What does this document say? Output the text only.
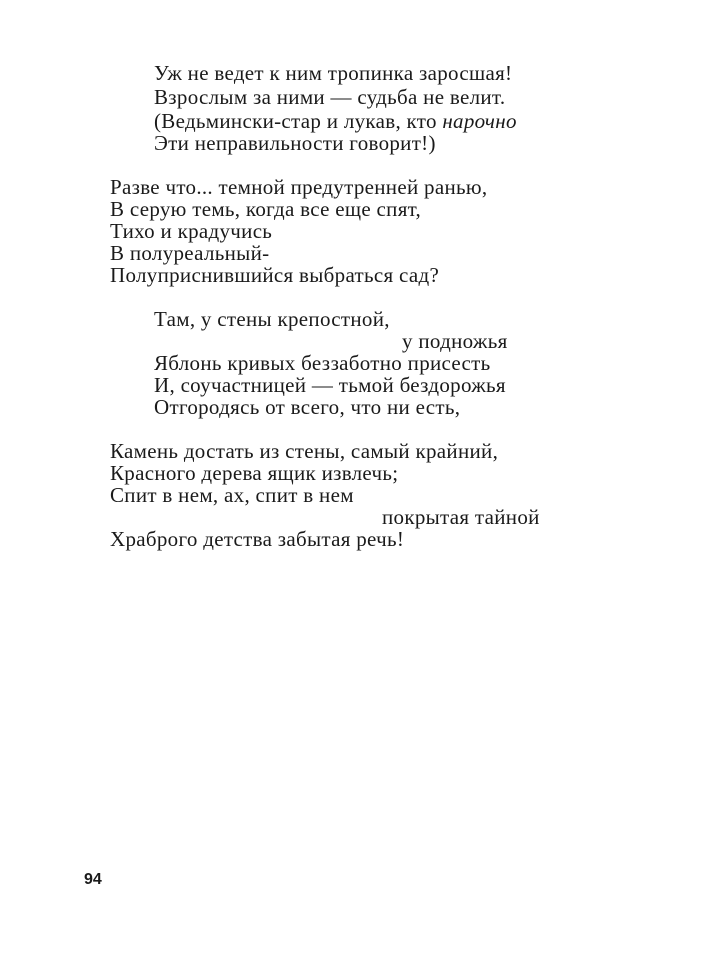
Уж не ведет к ним тропинка заросшая!
Взрослым за ними — судьба не велит.
(Ведьмински-стар и лукав, кто нарочно
Эти неправильности говорит!)
Разве что... темной предутренней ранью,
В серую темь, когда все еще спят,
Тихо и крадучись
В полуреальный-
Полуприснившийся выбраться сад?
Там, у стены крепостной,
у подножья
Яблонь кривых беззаботно присесть
И, соучастницей — тьмой бездорожья
Отгородясь от всего, что ни есть,
Камень достать из стены, самый крайний,
Красного дерева ящик извлечь;
Спит в нем, ах, спит в нем
покрытая тайной
Храброго детства забытая речь!
94
